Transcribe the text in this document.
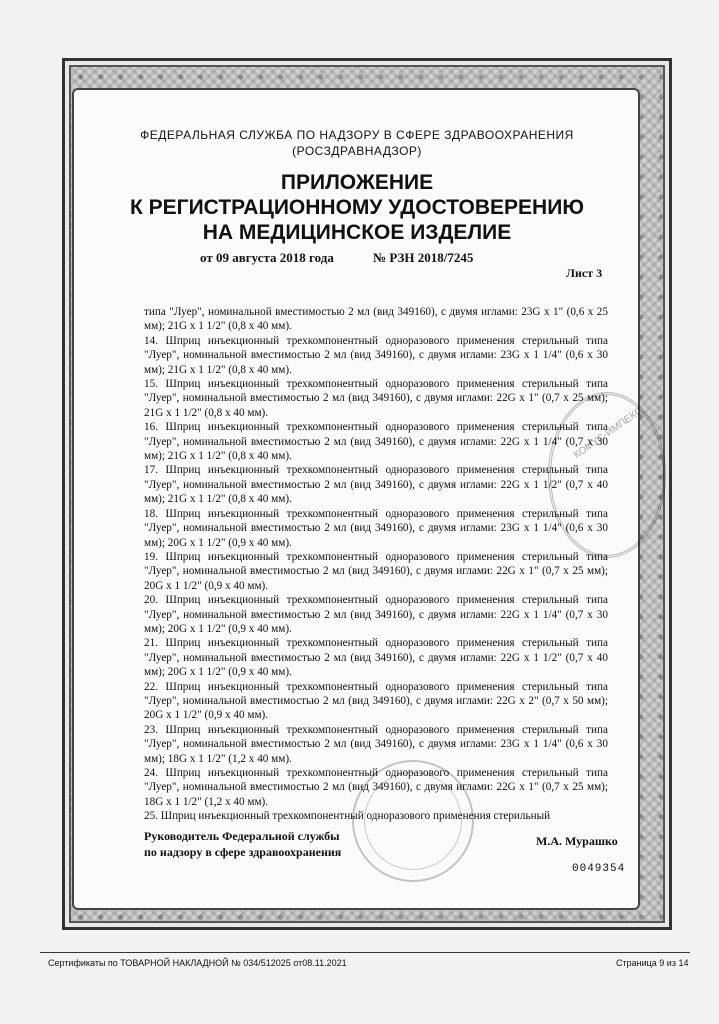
ФЕДЕРАЛЬНАЯ СЛУЖБА ПО НАДЗОРУ В СФЕРЕ ЗДРАВООХРАНЕНИЯ
(РОСЗДРАВНАДЗОР)
ПРИЛОЖЕНИЕ
К РЕГИСТРАЦИОННОМУ УДОСТОВЕРЕНИЮ
НА МЕДИЦИНСКОЕ ИЗДЕЛИЕ
от 09 августа 2018 года	№ РЗН 2018/7245
Лист 3

типа "Луер", номинальной вместимостью 2 мл (вид 349160), с двумя иглами: 23G x 1" (0,6 x 25 мм); 21G x 1 1/2" (0,8 x 40 мм).

14. Шприц инъекционный трехкомпонентный одноразового применения стерильный типа "Луер", номинальной вместимостью 2 мл (вид 349160), с двумя иглами: 23G x 1 1/4" (0,6 x 30 мм); 21G x 1 1/2" (0,8 x 40 мм).

15. Шприц инъекционный трехкомпонентный одноразового применения стерильный типа "Луер", номинальной вместимостью 2 мл (вид 349160), с двумя иглами: 22G x 1" (0,7 x 25 мм); 21G x 1 1/2" (0,8 x 40 мм).

16. Шприц инъекционный трехкомпонентный одноразового применения стерильный типа "Луер", номинальной вместимостью 2 мл (вид 349160), с двумя иглами: 22G x 1 1/4" (0,7 x 30 мм); 21G x 1 1/2" (0,8 x 40 мм).

17. Шприц инъекционный трехкомпонентный одноразового применения стерильный типа "Луер", номинальной вместимостью 2 мл (вид 349160), с двумя иглами: 22G x 1 1/2" (0,7 x 40 мм); 21G x 1 1/2" (0,8 x 40 мм).

18. Шприц инъекционный трехкомпонентный одноразового применения стерильный типа "Луер", номинальной вместимостью 2 мл (вид 349160), с двумя иглами: 23G x 1 1/4" (0,6 x 30 мм); 20G x 1 1/2" (0,9 x 40 мм).

19. Шприц инъекционный трехкомпонентный одноразового применения стерильный типа "Луер", номинальной вместимостью 2 мл (вид 349160), с двумя иглами: 22G x 1" (0,7 x 25 мм); 20G x 1 1/2" (0,9 x 40 мм).

20. Шприц инъекционный трехкомпонентный одноразового применения стерильный типа "Луер", номинальной вместимостью 2 мл (вид 349160), с двумя иглами: 22G x 1 1/4" (0,7 x 30 мм); 20G x 1 1/2" (0,9 x 40 мм).

21. Шприц инъекционный трехкомпонентный одноразового применения стерильный типа "Луер", номинальной вместимостью 2 мл (вид 349160), с двумя иглами: 22G x 1 1/2" (0,7 x 40 мм); 20G x 1 1/2" (0,9 x 40 мм).

22. Шприц инъекционный трехкомпонентный одноразового применения стерильный типа "Луер", номинальной вместимостью 2 мл (вид 349160), с двумя иглами: 22G x 2" (0,7 x 50 мм); 20G x 1 1/2" (0,9 x 40 мм).

23. Шприц инъекционный трехкомпонентный одноразового применения стерильный типа "Луер", номинальной вместимостью 2 мл (вид 349160), с двумя иглами: 23G x 1 1/4" (0,6 x 30 мм); 18G x 1 1/2" (1,2 x 40 мм).

24. Шприц инъекционный трехкомпонентный одноразового применения стерильный типа "Луер", номинальной вместимостью 2 мл (вид 349160), с двумя иглами: 22G x 1" (0,7 x 25 мм); 18G x 1 1/2" (1,2 x 40 мм).

25. Шприц инъекционный трехкомпонентный одноразового применения стерильный

КОМУС-ИМПЕКС
Руководитель Федеральной службы
по надзору в сфере здравоохранения
М.А. Мурашко
0049354
Сертификаты по ТОВАРНОЙ НАКЛАДНОЙ № 034/512025 от08.11.2021	Страница 9 из 14
